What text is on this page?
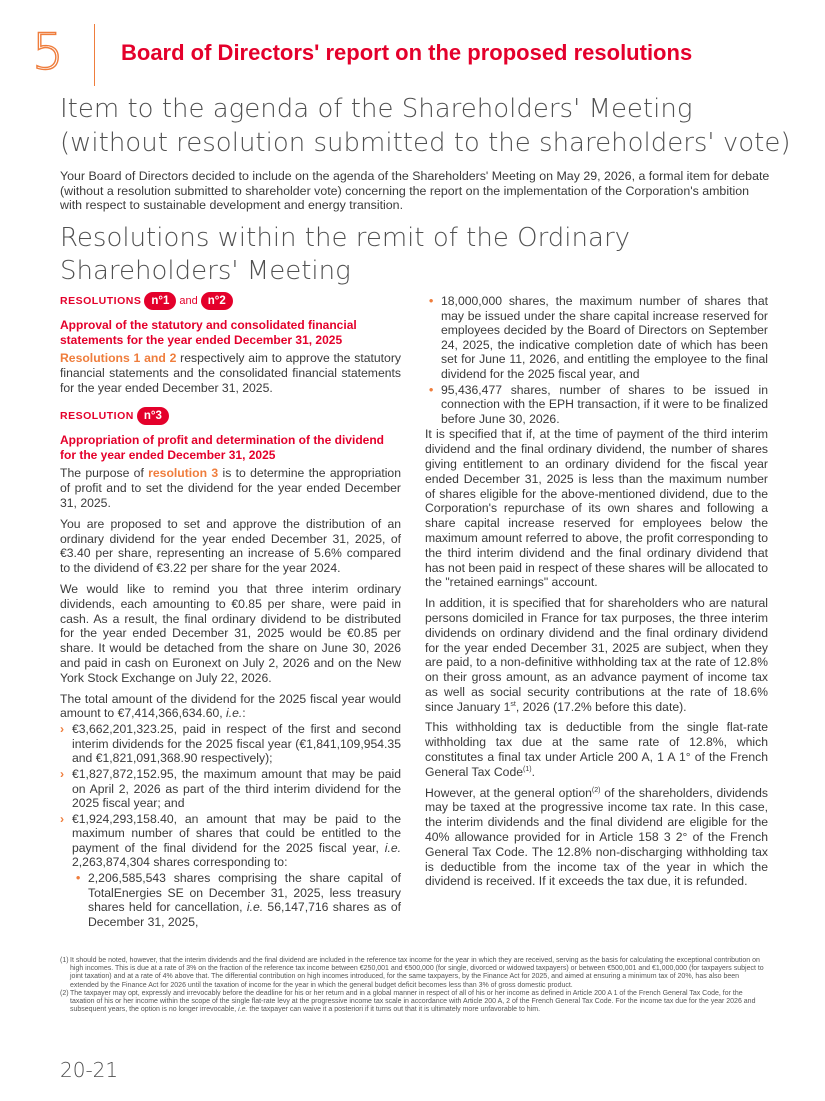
5	Board of Directors' report on the proposed resolutions
Item to the agenda of the Shareholders' Meeting
(without resolution submitted to the shareholders' vote)
Your Board of Directors decided to include on the agenda of the Shareholders' Meeting on May 29, 2026, a formal item for debate (without a resolution submitted to shareholder vote) concerning the report on the implementation of the Corporation's ambition with respect to sustainable development and energy transition.
Resolutions within the remit of the Ordinary
Shareholders' Meeting
RESOLUTIONS n°1 and n°2
Approval of the statutory and consolidated financial statements for the year ended December 31, 2025
Resolutions 1 and 2 respectively aim to approve the statutory financial statements and the consolidated financial statements for the year ended December 31, 2025.
RESOLUTION n°3
Appropriation of profit and determination of the dividend for the year ended December 31, 2025
The purpose of resolution 3 is to determine the appropriation of profit and to set the dividend for the year ended December 31, 2025.
You are proposed to set and approve the distribution of an ordinary dividend for the year ended December 31, 2025, of €3.40 per share, representing an increase of 5.6% compared to the dividend of €3.22 per share for the year 2024.
We would like to remind you that three interim ordinary dividends, each amounting to €0.85 per share, were paid in cash. As a result, the final ordinary dividend to be distributed for the year ended December 31, 2025 would be €0.85 per share. It would be detached from the share on June 30, 2026 and paid in cash on Euronext on July 2, 2026 and on the New York Stock Exchange on July 22, 2026.
The total amount of the dividend for the 2025 fiscal year would amount to €7,414,366,634.60, i.e.:
› €3,662,201,323.25, paid in respect of the first and second interim dividends for the 2025 fiscal year (€1,841,109,954.35 and €1,821,091,368.90 respectively);
› €1,827,872,152.95, the maximum amount that may be paid on April 2, 2026 as part of the third interim dividend for the 2025 fiscal year; and
› €1,924,293,158.40, an amount that may be paid to the maximum number of shares that could be entitled to the payment of the final dividend for the 2025 fiscal year, i.e. 2,263,874,304 shares corresponding to:
• 2,206,585,543 shares comprising the share capital of TotalEnergies SE on December 31, 2025, less treasury shares held for cancellation, i.e. 56,147,716 shares as of December 31, 2025,
• 18,000,000 shares, the maximum number of shares that may be issued under the share capital increase reserved for employees decided by the Board of Directors on September 24, 2025, the indicative completion date of which has been set for June 11, 2026, and entitling the employee to the final dividend for the 2025 fiscal year, and
• 95,436,477 shares, number of shares to be issued in connection with the EPH transaction, if it were to be finalized before June 30, 2026.
It is specified that if, at the time of payment of the third interim dividend and the final ordinary dividend, the number of shares giving entitlement to an ordinary dividend for the fiscal year ended December 31, 2025 is less than the maximum number of shares eligible for the above-mentioned dividend, due to the Corporation's repurchase of its own shares and following a share capital increase reserved for employees below the maximum amount referred to above, the profit corresponding to the third interim dividend and the final ordinary dividend that has not been paid in respect of these shares will be allocated to the "retained earnings" account.
In addition, it is specified that for shareholders who are natural persons domiciled in France for tax purposes, the three interim dividends on ordinary dividend and the final ordinary dividend for the year ended December 31, 2025 are subject, when they are paid, to a non-definitive withholding tax at the rate of 12.8% on their gross amount, as an advance payment of income tax as well as social security contributions at the rate of 18.6% since January 1st, 2026 (17.2% before this date).
This withholding tax is deductible from the single flat-rate withholding tax due at the same rate of 12.8%, which constitutes a final tax under Article 200 A, 1 A 1° of the French General Tax Code$^{(1)}$.
However, at the general option$^{(2)}$ of the shareholders, dividends may be taxed at the progressive income tax rate. In this case, the interim dividends and the final dividend are eligible for the 40% allowance provided for in Article 158 3 2° of the French General Tax Code. The 12.8% non-discharging withholding tax is deductible from the income tax of the year in which the dividend is received. If it exceeds the tax due, it is refunded.
(1) It should be noted, however, that the interim dividends and the final dividend are included in the reference tax income for the year in which they are received, serving as the basis for calculating the exceptional contribution on high incomes. This is due at a rate of 3% on the fraction of the reference tax income between €250,001 and €500,000 (for single, divorced or widowed taxpayers) or between €500,001 and €1,000,000 (for taxpayers subject to joint taxation) and at a rate of 4% above that. The differential contribution on high incomes introduced, for the same taxpayers, by the Finance Act for 2025, and aimed at ensuring a minimum tax of 20%, has also been extended by the Finance Act for 2026 until the taxation of income for the year in which the general budget deficit becomes less than 3% of gross domestic product.
(2) The taxpayer may opt, expressly and irrevocably before the deadline for his or her return and in a global manner in respect of all of his or her income as defined in Article 200 A 1 of the French General Tax Code, for the taxation of his or her income within the scope of the single flat-rate levy at the progressive income tax scale in accordance with Article 200 A, 2 of the French General Tax Code. For the income tax due for the year 2026 and subsequent years, the option is no longer irrevocable, i.e. the taxpayer can waive it a posteriori if it turns out that it is ultimately more unfavorable to him.
20-21
